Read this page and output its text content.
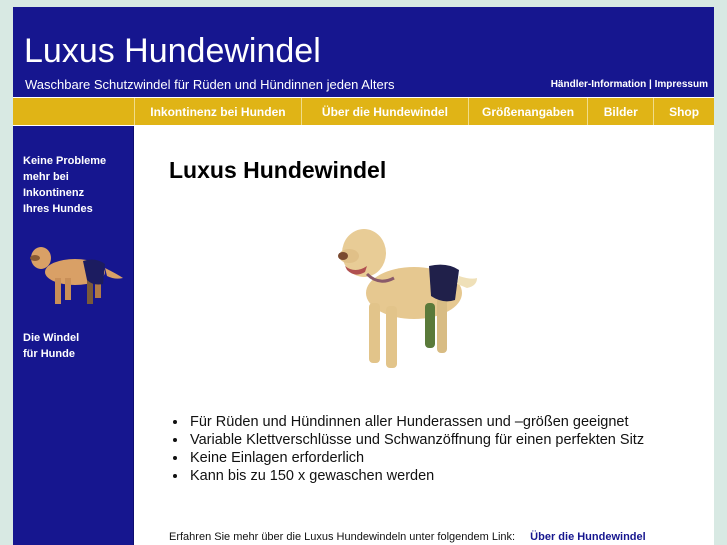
Luxus Hundewindel
Waschbare Schutzwindel für Rüden und Hündinnen jeden Alters	Händler-Information | Impressum
Inkontinenz bei Hunden	Über die Hundewindel	Größenangaben	Bilder	Shop
Keine Probleme
mehr bei
Inkontinenz
Ihres Hundes
Die Windel
für Hunde
Luxus Hundewindel
• Für Rüden und Hündinnen aller Hunderassen und –größen geeignet
• Variable Klettverschlüsse und Schwanzöffnung für einen perfekten Sitz
• Keine Einlagen erforderlich
• Kann bis zu 150 x gewaschen werden
Erfahren Sie mehr über die Luxus Hundewindeln unter folgendem Link: Über die Hundewindel
